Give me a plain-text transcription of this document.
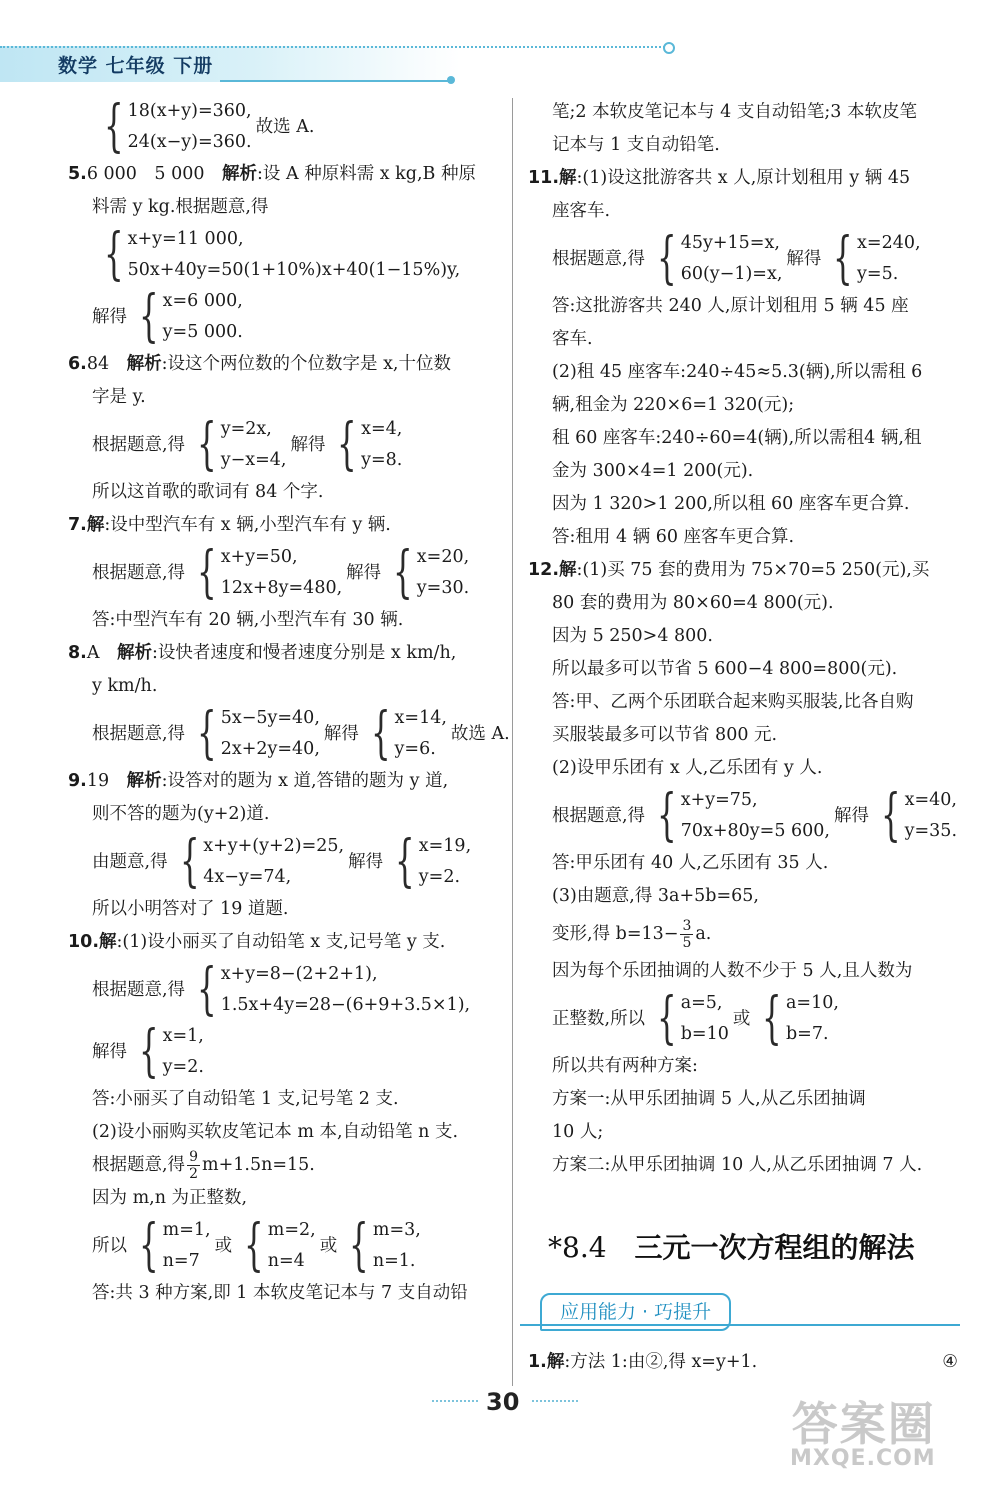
数学 七年级 下册
{ 18(x+y)=360,
24(x−y)=360.
故选 A.
5.6 000　5 000　 解析:设 A 种原料需 x kg,B 种原
料需 y kg.根据题意,得
{ x+y=11 000,
50x+40y=50(1+10%)x+40(1−15%)y,
解得 { x=6 000,
y=5 000.
6.84　 解析:设这个两位数的个位数字是 x,十位数
字是 y.
根据题意,得 { y=2x,
y−x=4,
解得 { x=4,
y=8.
所以这首歌的歌词有 84 个字.
7.解:设中型汽车有 x 辆,小型汽车有 y 辆.
根据题意,得 { x+y=50,
12x+8y=480,
解得 { x=20,
y=30.
答:中型汽车有 20 辆,小型汽车有 30 辆.
8.A　 解析:设快者速度和慢者速度分别是 x km/h,
y km/h.
根据题意,得 { 5x−5y=40,
2x+2y=40,
解得 { x=14,
y=6.
故选 A.
9.19　 解析:设答对的题为 x 道,答错的题为 y 道,
则不答的题为(y+2)道.
由题意,得 { x+y+(y+2)=25,
4x−y=74,
解得 { x=19,
y=2.
所以小明答对了 19 道题.
10.解:(1)设小丽买了自动铅笔 x 支,记号笔 y 支.
根据题意,得 { x+y=8−(2+2+1),
1.5x+4y=28−(6+9+3.5×1),
解得 { x=1,
y=2.
答:小丽买了自动铅笔 1 支,记号笔 2 支.
(2)设小丽购买软皮笔记本 m 本,自动铅笔 n 支.
根据题意,得 $\frac{9}{2} m+1.5n=15$.
因为 m,n 为正整数,
所以 { m=1,
n=7
或 { m=2,
n=4
或 { m=3,
n=1.
答:共 3 种方案,即 1 本软皮笔记本与 7 支自动铅
笔;2 本软皮笔记本与 4 支自动铅笔;3 本软皮笔
记本与 1 支自动铅笔.
11.解:(1)设这批游客共 x 人,原计划租用 y 辆 45
座客车.
根据题意,得 { 45y+15=x,
60(y−1)=x,
解得 { x=240,
y=5.
答:这批游客共 240 人,原计划租用 5 辆 45 座
客车.
(2)租 45 座客车:240÷45≈5.3(辆),所以需租 6
辆,租金为 220×6=1 320(元);
租 60 座客车:240÷60=4(辆),所以需租4 辆,租
金为 300×4=1 200(元).
因为 1 320>1 200,所以租 60 座客车更合算.
答:租用 4 辆 60 座客车更合算.
12.解:(1)买 75 套的费用为 75×70=5 250(元),买
80 套的费用为 80×60=4 800(元).
因为 5 250>4 800.
所以最多可以节省 5 600−4 800=800(元).
答:甲、乙两个乐团联合起来购买服装,比各自购
买服装最多可以节省 800 元.
(2)设甲乐团有 x 人,乙乐团有 y 人.
根据题意,得 { x+y=75,
70x+80y=5 600,
解得 { x=40,
y=35.
答:甲乐团有 40 人,乙乐团有 35 人.
(3)由题意,得 3a+5b=65,
变形,得 $b=13- \frac{3}{5} a$.
因为每个乐团抽调的人数不少于 5 人,且人数为
正整数,所以 { a=5,
b=10
或 { a=10,
b=7.
所以共有两种方案:
方案一:从甲乐团抽调 5 人,从乙乐团抽调
10 人;
方案二:从甲乐团抽调 10 人,从乙乐团抽调 7 人.
*8.4 三元一次方程组的解法
应用能力 · 巧提升
1.解:方法 1:由②,得 x=y+1.	④
30	答案圈
MXQE.COM
